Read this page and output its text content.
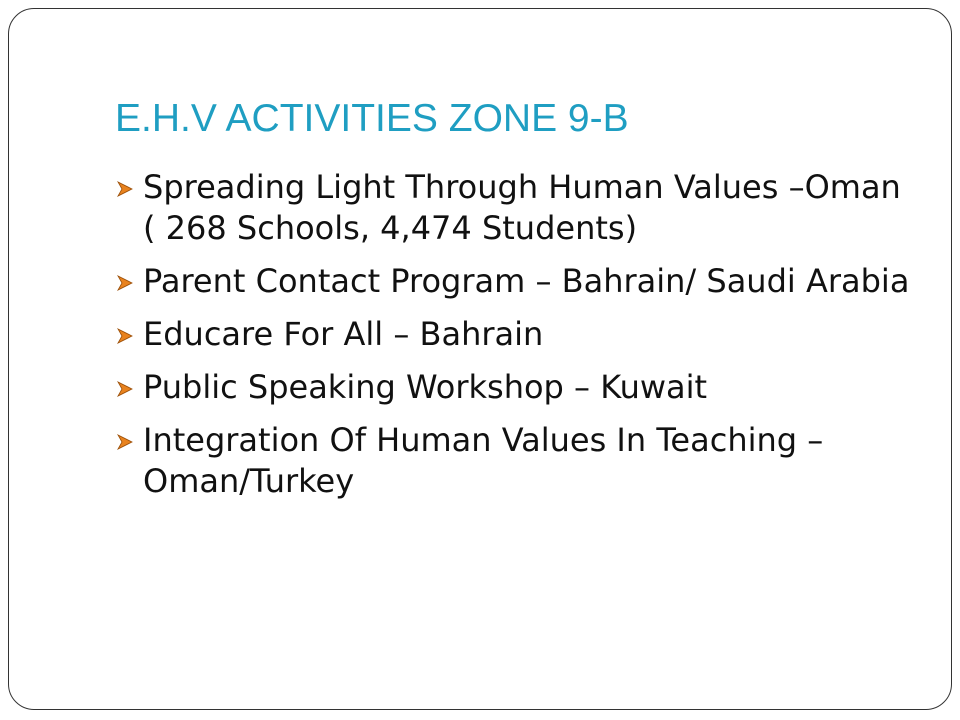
E.H.V ACTIVITIES ZONE 9-B
Spreading Light Through Human Values –Oman ( 268 Schools, 4,474 Students)
Parent Contact Program – Bahrain/ Saudi Arabia
Educare For All – Bahrain
Public Speaking Workshop – Kuwait
Integration Of Human Values In Teaching – Oman/Turkey
